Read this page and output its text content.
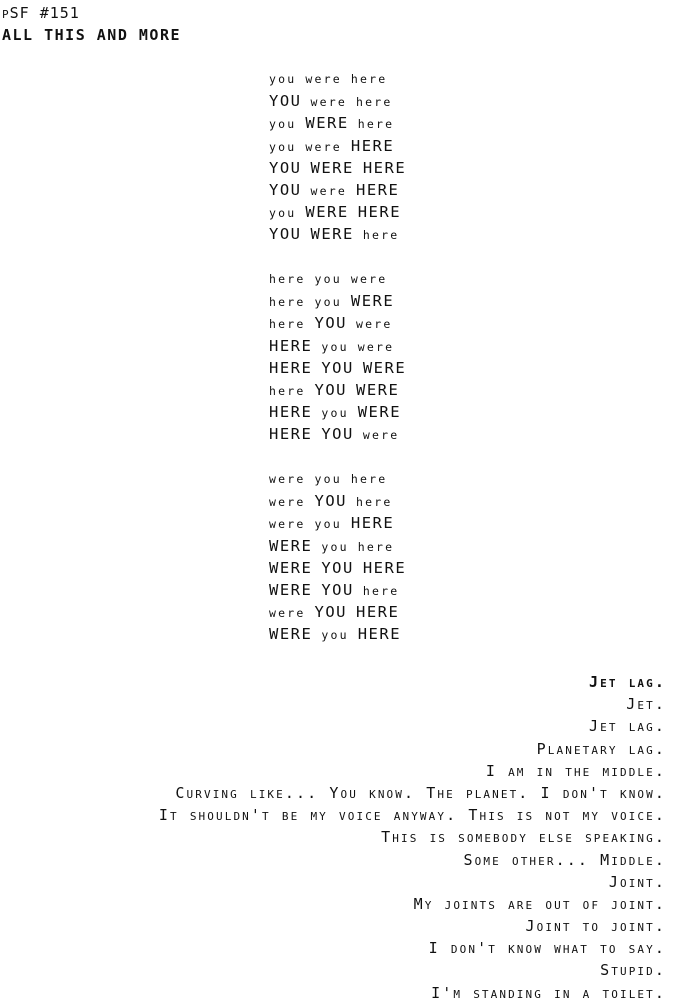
pSF #151
ALL THIS AND MORE
you were here
YOU were here
you WERE here
you were HERE
YOU WERE HERE
YOU were HERE
you WERE HERE
YOU WERE here
here you were
here you WERE
here YOU were
HERE you were
HERE YOU WERE
here YOU WERE
HERE you WERE
HERE YOU were
were you here
were YOU here
were you HERE
WERE you here
WERE YOU HERE
WERE YOU here
were YOU HERE
WERE you HERE
Jet lag.
Jet.
Jet lag.
Planetary lag.
I am in the middle.
Curving like... You know. The planet. I don't know.
It shouldn't be my voice anyway. This is not my voice.
This is somebody else speaking.
Some other... Middle.
Joint.
My joints are out of joint.
Joint to joint.
I don't know what to say.
Stupid.
I'm standing in a toilet.
